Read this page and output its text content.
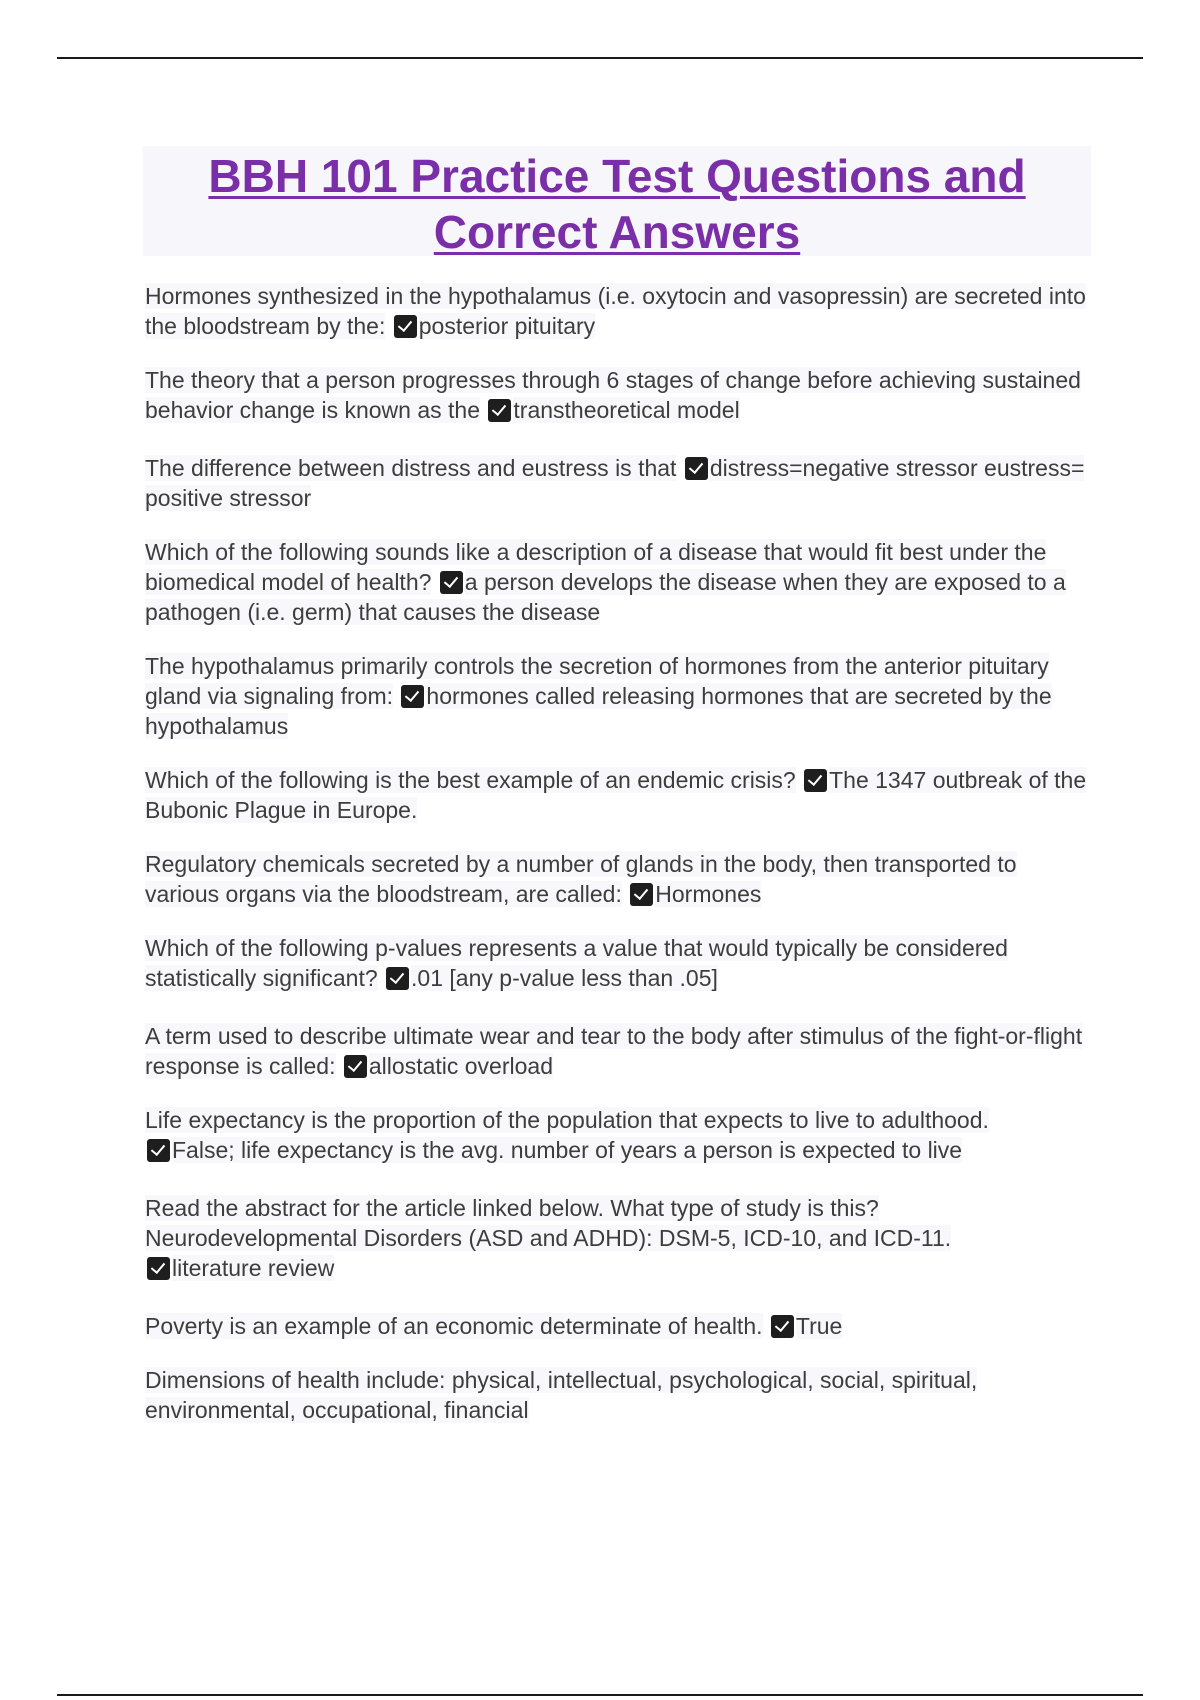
BBH 101 Practice Test Questions and
Correct Answers

Hormones synthesized in the hypothalamus (i.e. oxytocin and vasopressin) are secreted into the bloodstream by the: posterior pituitary

The theory that a person progresses through 6 stages of change before achieving sustained behavior change is known as the transtheoretical model

The difference between distress and eustress is that distress=negative stressor eustress= positive stressor

Which of the following sounds like a description of a disease that would fit best under the biomedical model of health? a person develops the disease when they are exposed to a pathogen (i.e. germ) that causes the disease

The hypothalamus primarily controls the secretion of hormones from the anterior pituitary gland via signaling from: hormones called releasing hormones that are secreted by the hypothalamus

Which of the following is the best example of an endemic crisis? The 1347 outbreak of the Bubonic Plague in Europe.

Regulatory chemicals secreted by a number of glands in the body, then transported to various organs via the bloodstream, are called: Hormones

Which of the following p-values represents a value that would typically be considered statistically significant? .01 [any p-value less than .05]

A term used to describe ultimate wear and tear to the body after stimulus of the fight-or-flight response is called: allostatic overload

Life expectancy is the proportion of the population that expects to live to adulthood.
False; life expectancy is the avg. number of years a person is expected to live

Read the abstract for the article linked below. What type of study is this? Neurodevelopmental Disorders (ASD and ADHD): DSM-5, ICD-10, and ICD-11.
literature review

Poverty is an example of an economic determinate of health. True

Dimensions of health include: physical, intellectual, psychological, social, spiritual, environmental, occupational, financial
